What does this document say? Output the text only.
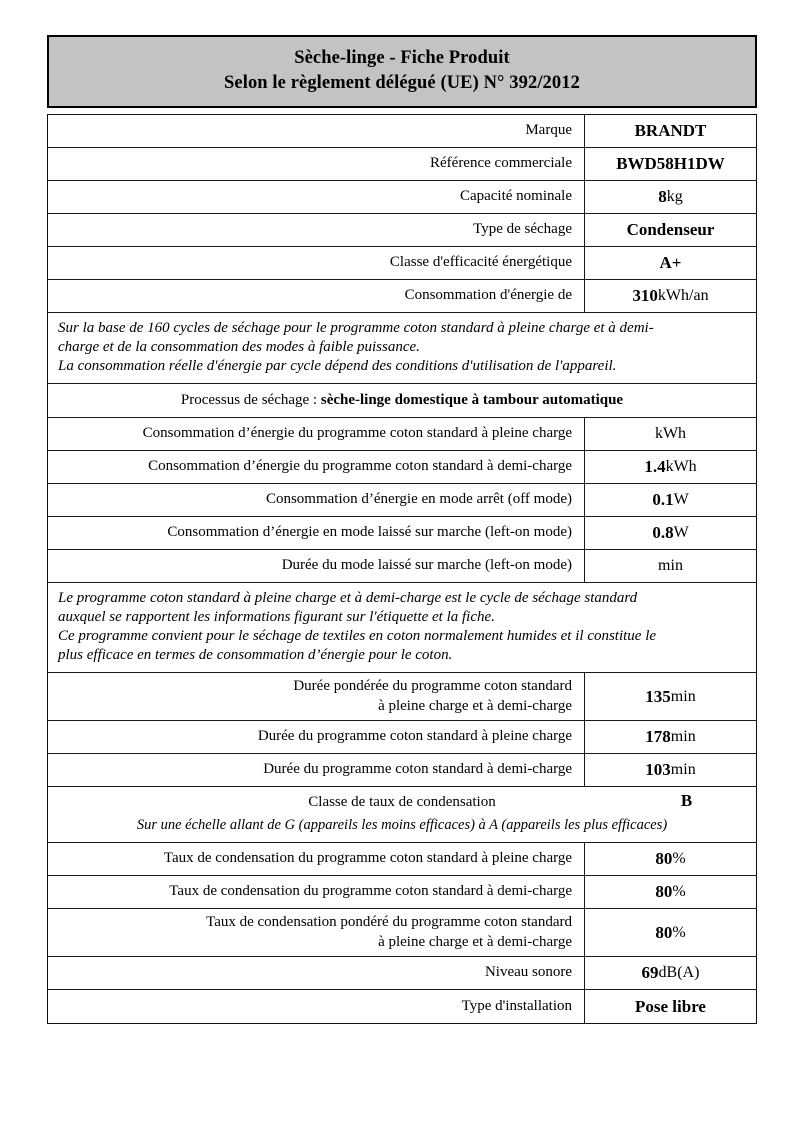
Sèche-linge - Fiche Produit
Selon le règlement délégué (UE) N° 392/2012
Marque	BRANDT
Référence commerciale	BWD58H1DW
Capacité nominale	8 kg
Type de séchage	Condenseur
Classe d'efficacité énergétique	A+
Consommation d'énergie de	310 kWh/an
Sur la base de 160 cycles de séchage pour le programme coton standard à pleine charge et à demi-
charge et de la consommation des modes à faible puissance.
La consommation réelle d'énergie par cycle dépend des conditions d'utilisation de l'appareil.
Processus de séchage : sèche-linge domestique à tambour automatique
Consommation d’énergie du programme coton standard à pleine charge	kWh
Consommation d’énergie du programme coton standard à demi-charge	1.4 kWh
Consommation d’énergie en mode arrêt (off mode)	0.1 W
Consommation d’énergie en mode laissé sur marche (left-on mode)	0.8 W
Durée du mode laissé sur marche (left-on mode)	min
Le programme coton standard à pleine charge et à demi-charge est le cycle de séchage standard
auxquel se rapportent les informations figurant sur l'étiquette et la fiche.
Ce programme convient pour le séchage de textiles en coton normalement humides et il constitue le
plus efficace en termes de consommation d’énergie pour le coton.
Durée pondérée du programme coton standard
à pleine charge et à demi-charge	135 min
Durée du programme coton standard à pleine charge	178 min
Durée du programme coton standard à demi-charge	103 min
Classe de taux de condensation	B
Sur une échelle allant de G (appareils les moins efficaces) à A (appareils les plus efficaces)
Taux de condensation du programme coton standard à pleine charge	80 %
Taux de condensation du programme coton standard à demi-charge	80 %
Taux de condensation pondéré du programme coton standard
à pleine charge et à demi-charge	80 %
Niveau sonore	69 dB(A)
Type d'installation	Pose libre
